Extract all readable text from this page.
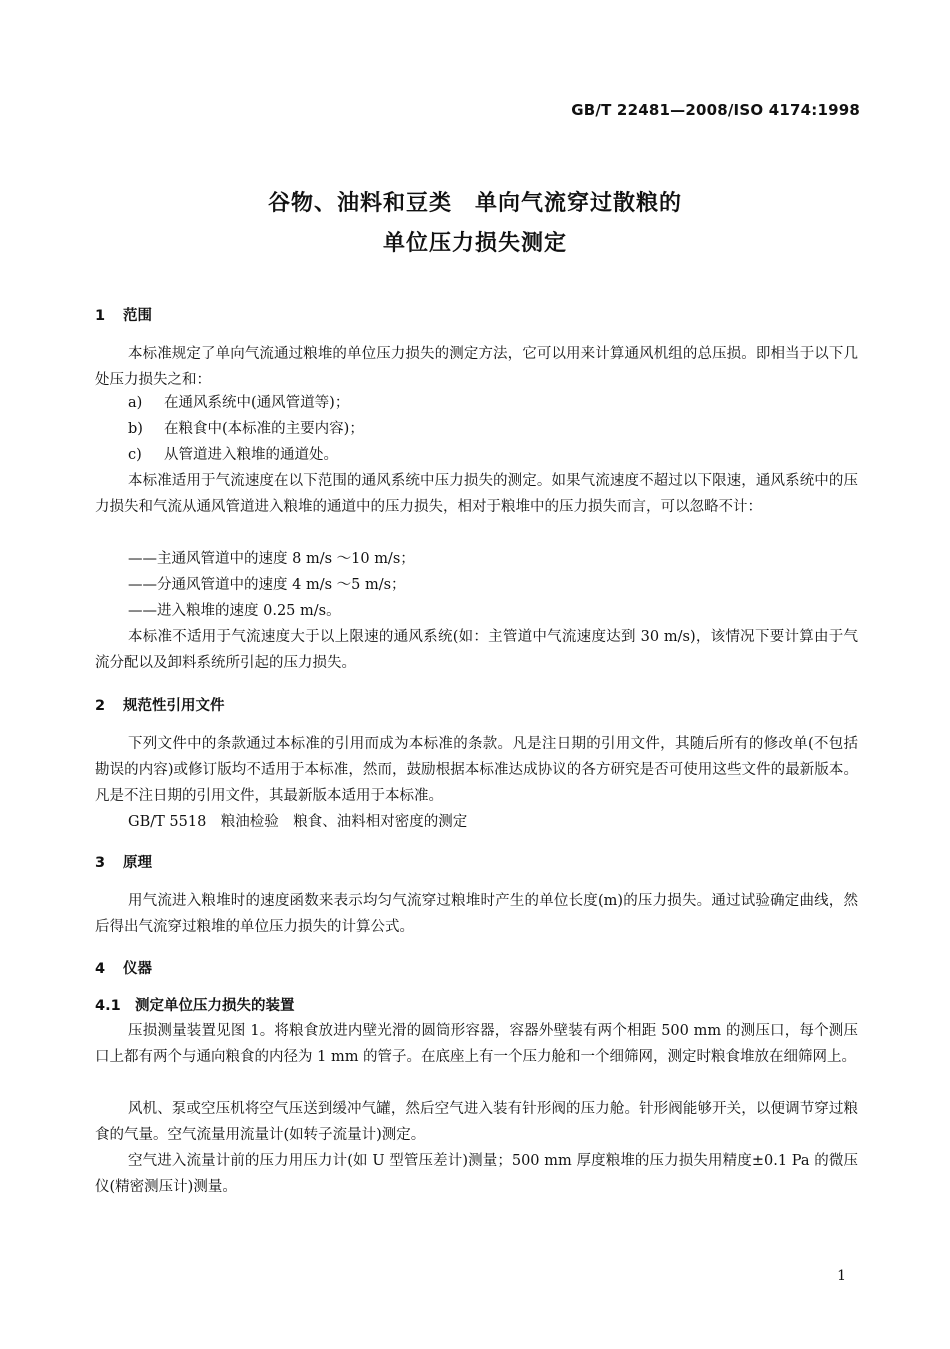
GB/T 22481—2008/ISO 4174:1998
谷物、油料和豆类　单向气流穿过散粮的
单位压力损失测定
1 范围

本标准规定了单向气流通过粮堆的单位压力损失的测定方法，它可以用来计算通风机组的总压损。即相当于以下几处压力损失之和：

a) 在通风系统中(通风管道等)；
b) 在粮食中(本标准的主要内容)；
c) 从管道进入粮堆的通道处。

本标准适用于气流速度在以下范围的通风系统中压力损失的测定。如果气流速度不超过以下限速，通风系统中的压力损失和气流从通风管道进入粮堆的通道中的压力损失，相对于粮堆中的压力损失而言，可以忽略不计：

——主通风管道中的速度 8 m/s ～10 m/s；
——分通风管道中的速度 4 m/s ～5 m/s；
——进入粮堆的速度 0.25 m/s。

本标准不适用于气流速度大于以上限速的通风系统(如：主管道中气流速度达到 30 m/s)，该情况下要计算由于气流分配以及卸料系统所引起的压力损失。

2 规范性引用文件

下列文件中的条款通过本标准的引用而成为本标准的条款。凡是注日期的引用文件，其随后所有的修改单(不包括勘误的内容)或修订版均不适用于本标准，然而，鼓励根据本标准达成协议的各方研究是否可使用这些文件的最新版本。凡是不注日期的引用文件，其最新版本适用于本标准。

GB/T 5518　粮油检验　粮食、油料相对密度的测定
3 原理

用气流进入粮堆时的速度函数来表示均匀气流穿过粮堆时产生的单位长度(m)的压力损失。通过试验确定曲线，然后得出气流穿过粮堆的单位压力损失的计算公式。

4 仪器
4.1 测定单位压力损失的装置

压损测量装置见图 1。将粮食放进内壁光滑的圆筒形容器，容器外壁装有两个相距 500 mm 的测压口，每个测压口上都有两个与通向粮食的内径为 1 mm 的管子。在底座上有一个压力舱和一个细筛网，测定时粮食堆放在细筛网上。

风机、泵或空压机将空气压送到缓冲气罐，然后空气进入装有针形阀的压力舱。针形阀能够开关，以便调节穿过粮食的气量。空气流量用流量计(如转子流量计)测定。

空气进入流量计前的压力用压力计(如 U 型管压差计)测量；500 mm 厚度粮堆的压力损失用精度±0.1 Pa 的微压仪(精密测压计)测量。

1
